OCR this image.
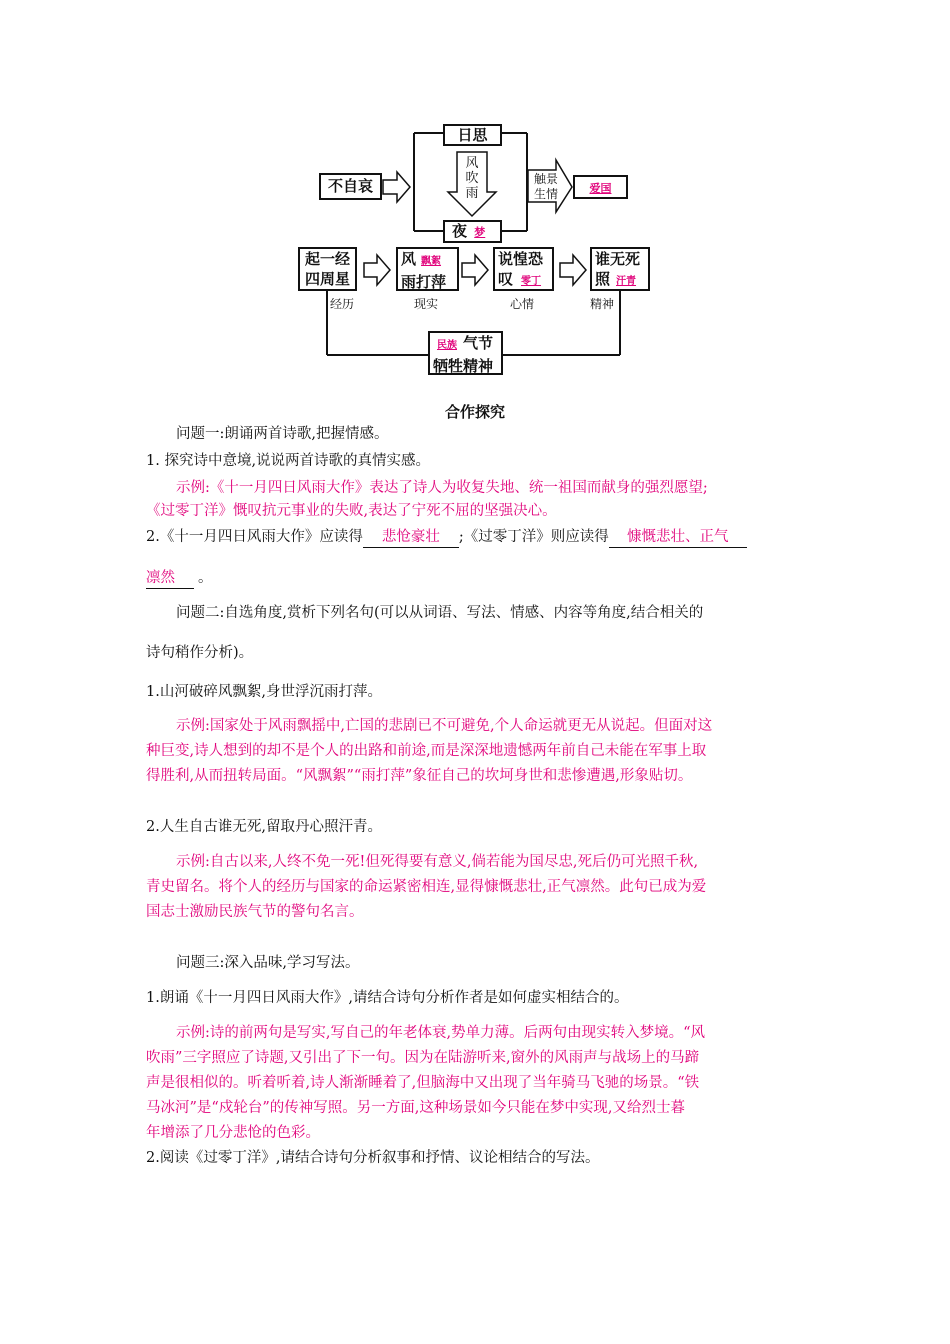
日思
不自哀
风吹雨
触景
生情	爱国
夜 梦
起一经
四周星
风飘絮
雨打萍
说惶恐
叹零丁
谁无死
照汗青
经历	现实	心情	精神
民族 气节
牺牲精神
合作探究
问题一:朗诵两首诗歌,把握情感。
1. 探究诗中意境,说说两首诗歌的真情实感。
示例:《十一月四日风雨大作》表达了诗人为收复失地、统一祖国而献身的强烈愿望;
《过零丁洋》慨叹抗元事业的失败,表达了宁死不屈的坚强决心。
2.《十一月四日风雨大作》应读得 悲怆豪壮 ;《过零丁洋》则应读得 慷慨悲壮、正气
凛然 。
问题二:自选角度,赏析下列名句(可以从词语、写法、情感、内容等角度,结合相关的
诗句稍作分析)。
1.山河破碎风飘絮,身世浮沉雨打萍。
示例:国家处于风雨飘摇中,亡国的悲剧已不可避免,个人命运就更无从说起。但面对这
种巨变,诗人想到的却不是个人的出路和前途,而是深深地遗憾两年前自己未能在军事上取
得胜利,从而扭转局面。“风飘絮”“雨打萍”象征自己的坎坷身世和悲惨遭遇,形象贴切。
2.人生自古谁无死,留取丹心照汗青。
示例:自古以来,人终不免一死!但死得要有意义,倘若能为国尽忠,死后仍可光照千秋,
青史留名。将个人的经历与国家的命运紧密相连,显得慷慨悲壮,正气凛然。此句已成为爱
国志士激励民族气节的警句名言。
问题三:深入品味,学习写法。
1.朗诵《十一月四日风雨大作》,请结合诗句分析作者是如何虚实相结合的。
示例:诗的前两句是写实,写自己的年老体衰,势单力薄。后两句由现实转入梦境。“风
吹雨”三字照应了诗题,又引出了下一句。因为在陆游听来,窗外的风雨声与战场上的马蹄
声是很相似的。听着听着,诗人渐渐睡着了,但脑海中又出现了当年骑马飞驰的场景。“铁
马冰河”是“戍轮台”的传神写照。另一方面,这种场景如今只能在梦中实现,又给烈士暮
年增添了几分悲怆的色彩。
2.阅读《过零丁洋》,请结合诗句分析叙事和抒情、议论相结合的写法。
